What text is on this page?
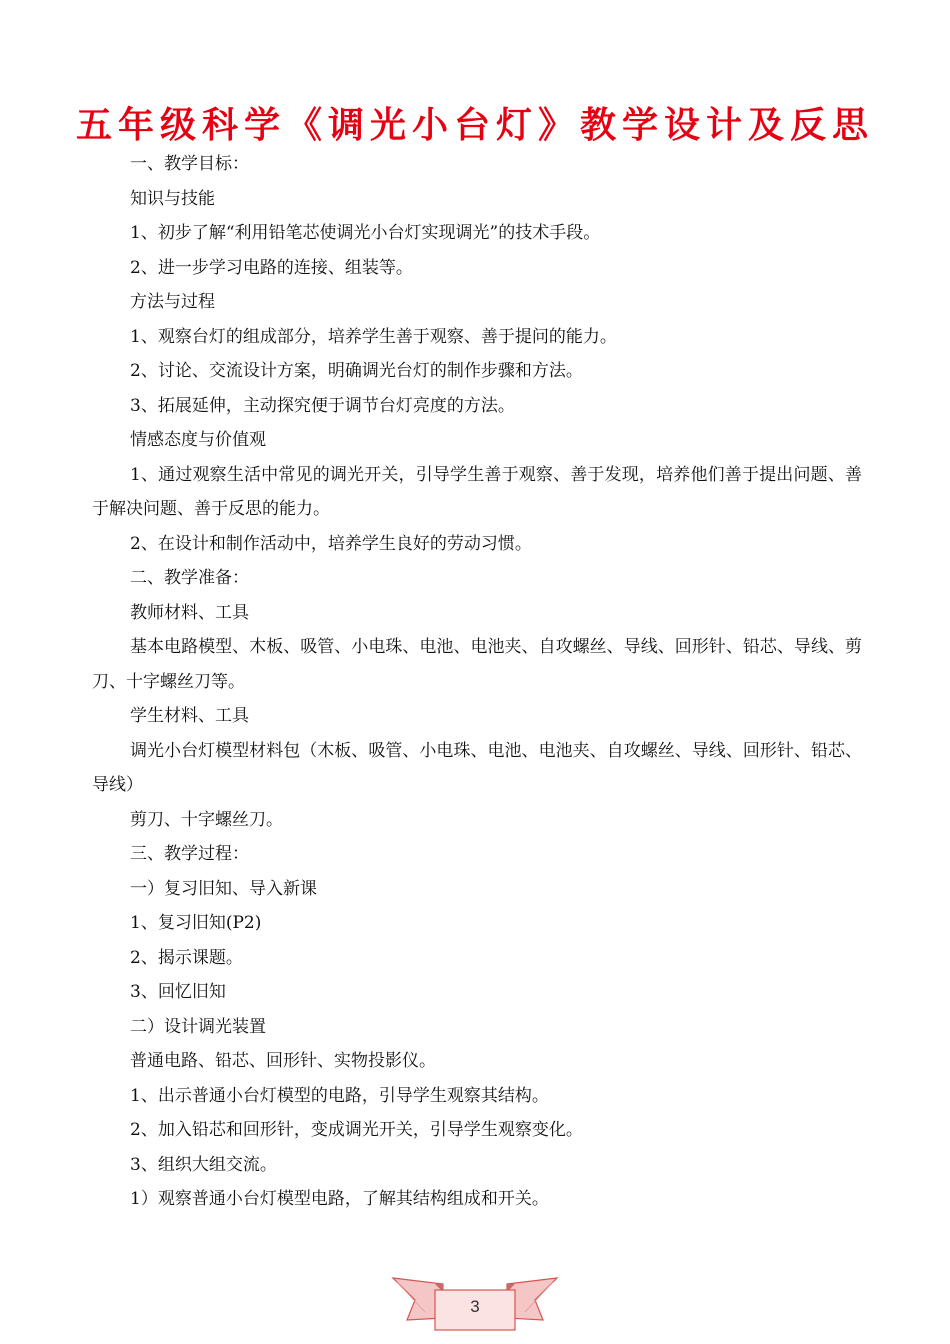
五年级科学《调光小台灯》教学设计及反思

一、教学目标：

知识与技能

1、初步了解“利用铅笔芯使调光小台灯实现调光”的技术手段。

2、进一步学习电路的连接、组装等。

方法与过程

1、观察台灯的组成部分，培养学生善于观察、善于提问的能力。

2、讨论、交流设计方案，明确调光台灯的制作步骤和方法。

3、拓展延伸，主动探究便于调节台灯亮度的方法。

情感态度与价值观

1、通过观察生活中常见的调光开关，引导学生善于观察、善于发现，培养他们善于提出问题、善于解决问题、善于反思的能力。

2、在设计和制作活动中，培养学生良好的劳动习惯。

二、教学准备：

教师材料、工具

基本电路模型、木板、吸管、小电珠、电池、电池夹、自攻螺丝、导线、回形针、铅芯、导线、剪刀、十字螺丝刀等。

学生材料、工具

调光小台灯模型材料包（木板、吸管、小电珠、电池、电池夹、自攻螺丝、导线、回形针、铅芯、导线）

剪刀、十字螺丝刀。

三、教学过程：

一）复习旧知、导入新课

1、复习旧知(P2)

2、揭示课题。

3、回忆旧知

二）设计调光装置

普通电路、铅芯、回形针、实物投影仪。

1、出示普通小台灯模型的电路，引导学生观察其结构。

2、加入铅芯和回形针，变成调光开关，引导学生观察变化。

3、组织大组交流。

1）观察普通小台灯模型电路，了解其结构组成和开关。

3
